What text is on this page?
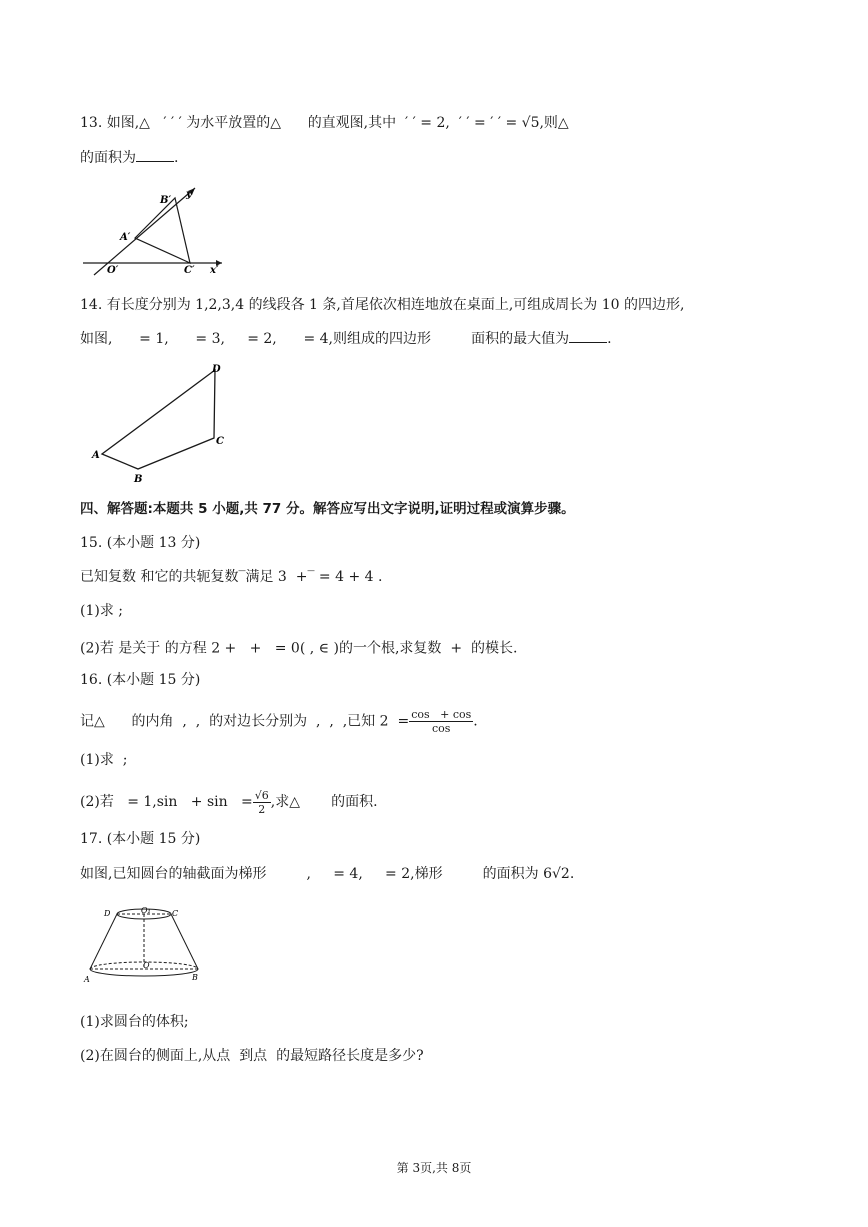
13. 如图,△ ′ ′ ′ 为水平放置的△ 的直观图,其中 ′ ′ = 2, ′ ′ = ′ ′ = √5,则△
的面积为	.
B′
y′
A′
O′	C′ x′
14. 有长度分别为 1,2,3,4 的线段各 1 条,首尾依次相连地放在桌面上,可组成周长为 10 的四边形,
如图, = 1, = 3, = 2, = 4,则组成的四边形	面积的最大值为	.
A
B
C
D
四、解答题:本题共 5 小题,共 77 分。解答应写出文字说明,证明过程或演算步骤。
15. (本小题 13 分)
已知复数 和它的共轭复数‾满足 3 +‾ = 4 + 4 .
(1)求 ;
(2)若 是关于 的方程 2 + + = 0( , ∈ )的一个根,求复数 + 的模长.
16. (本小题 15 分)
记△ 的内角 , , 的对边长分别为 , , ,已知 $2 = \frac{\cos + \cos}{\cos}$ .
(1)求  ;
(2)若 = $1,\sin + \sin = \frac{√6}{2}$ ,求△ 的面积.
17. (本小题 15 分)
如图,已知圆台的轴截面为梯形	, = 4, = 2,梯形	的面积为 6√2.
D	O₁	C
O
A	B
(1)求圆台的体积;
(2)在圆台的侧面上,从点 到点 的最短路径长度是多少?
第 3页,共 8页
